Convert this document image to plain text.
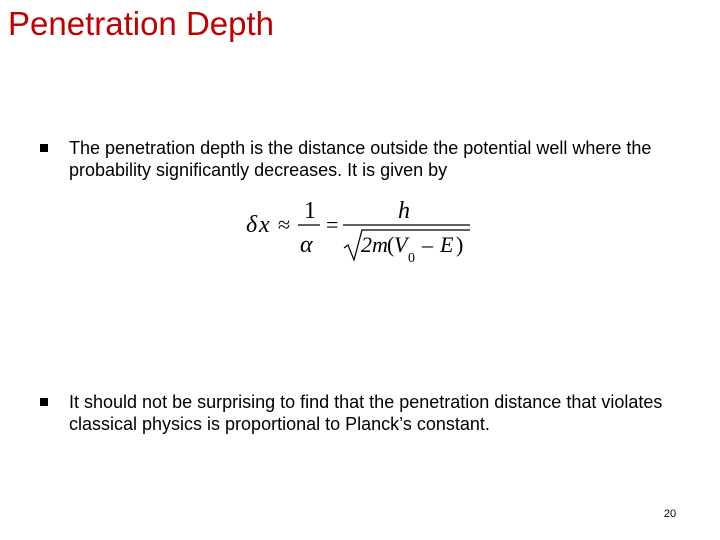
Penetration Depth
The penetration depth is the distance outside the potential well where the probability significantly decreases. It is given by
δ x ≈
1
α
=
h
2m ( V
0
– E )
It should not be surprising to find that the penetration distance that violates classical physics is proportional to Planck’s constant.
20
